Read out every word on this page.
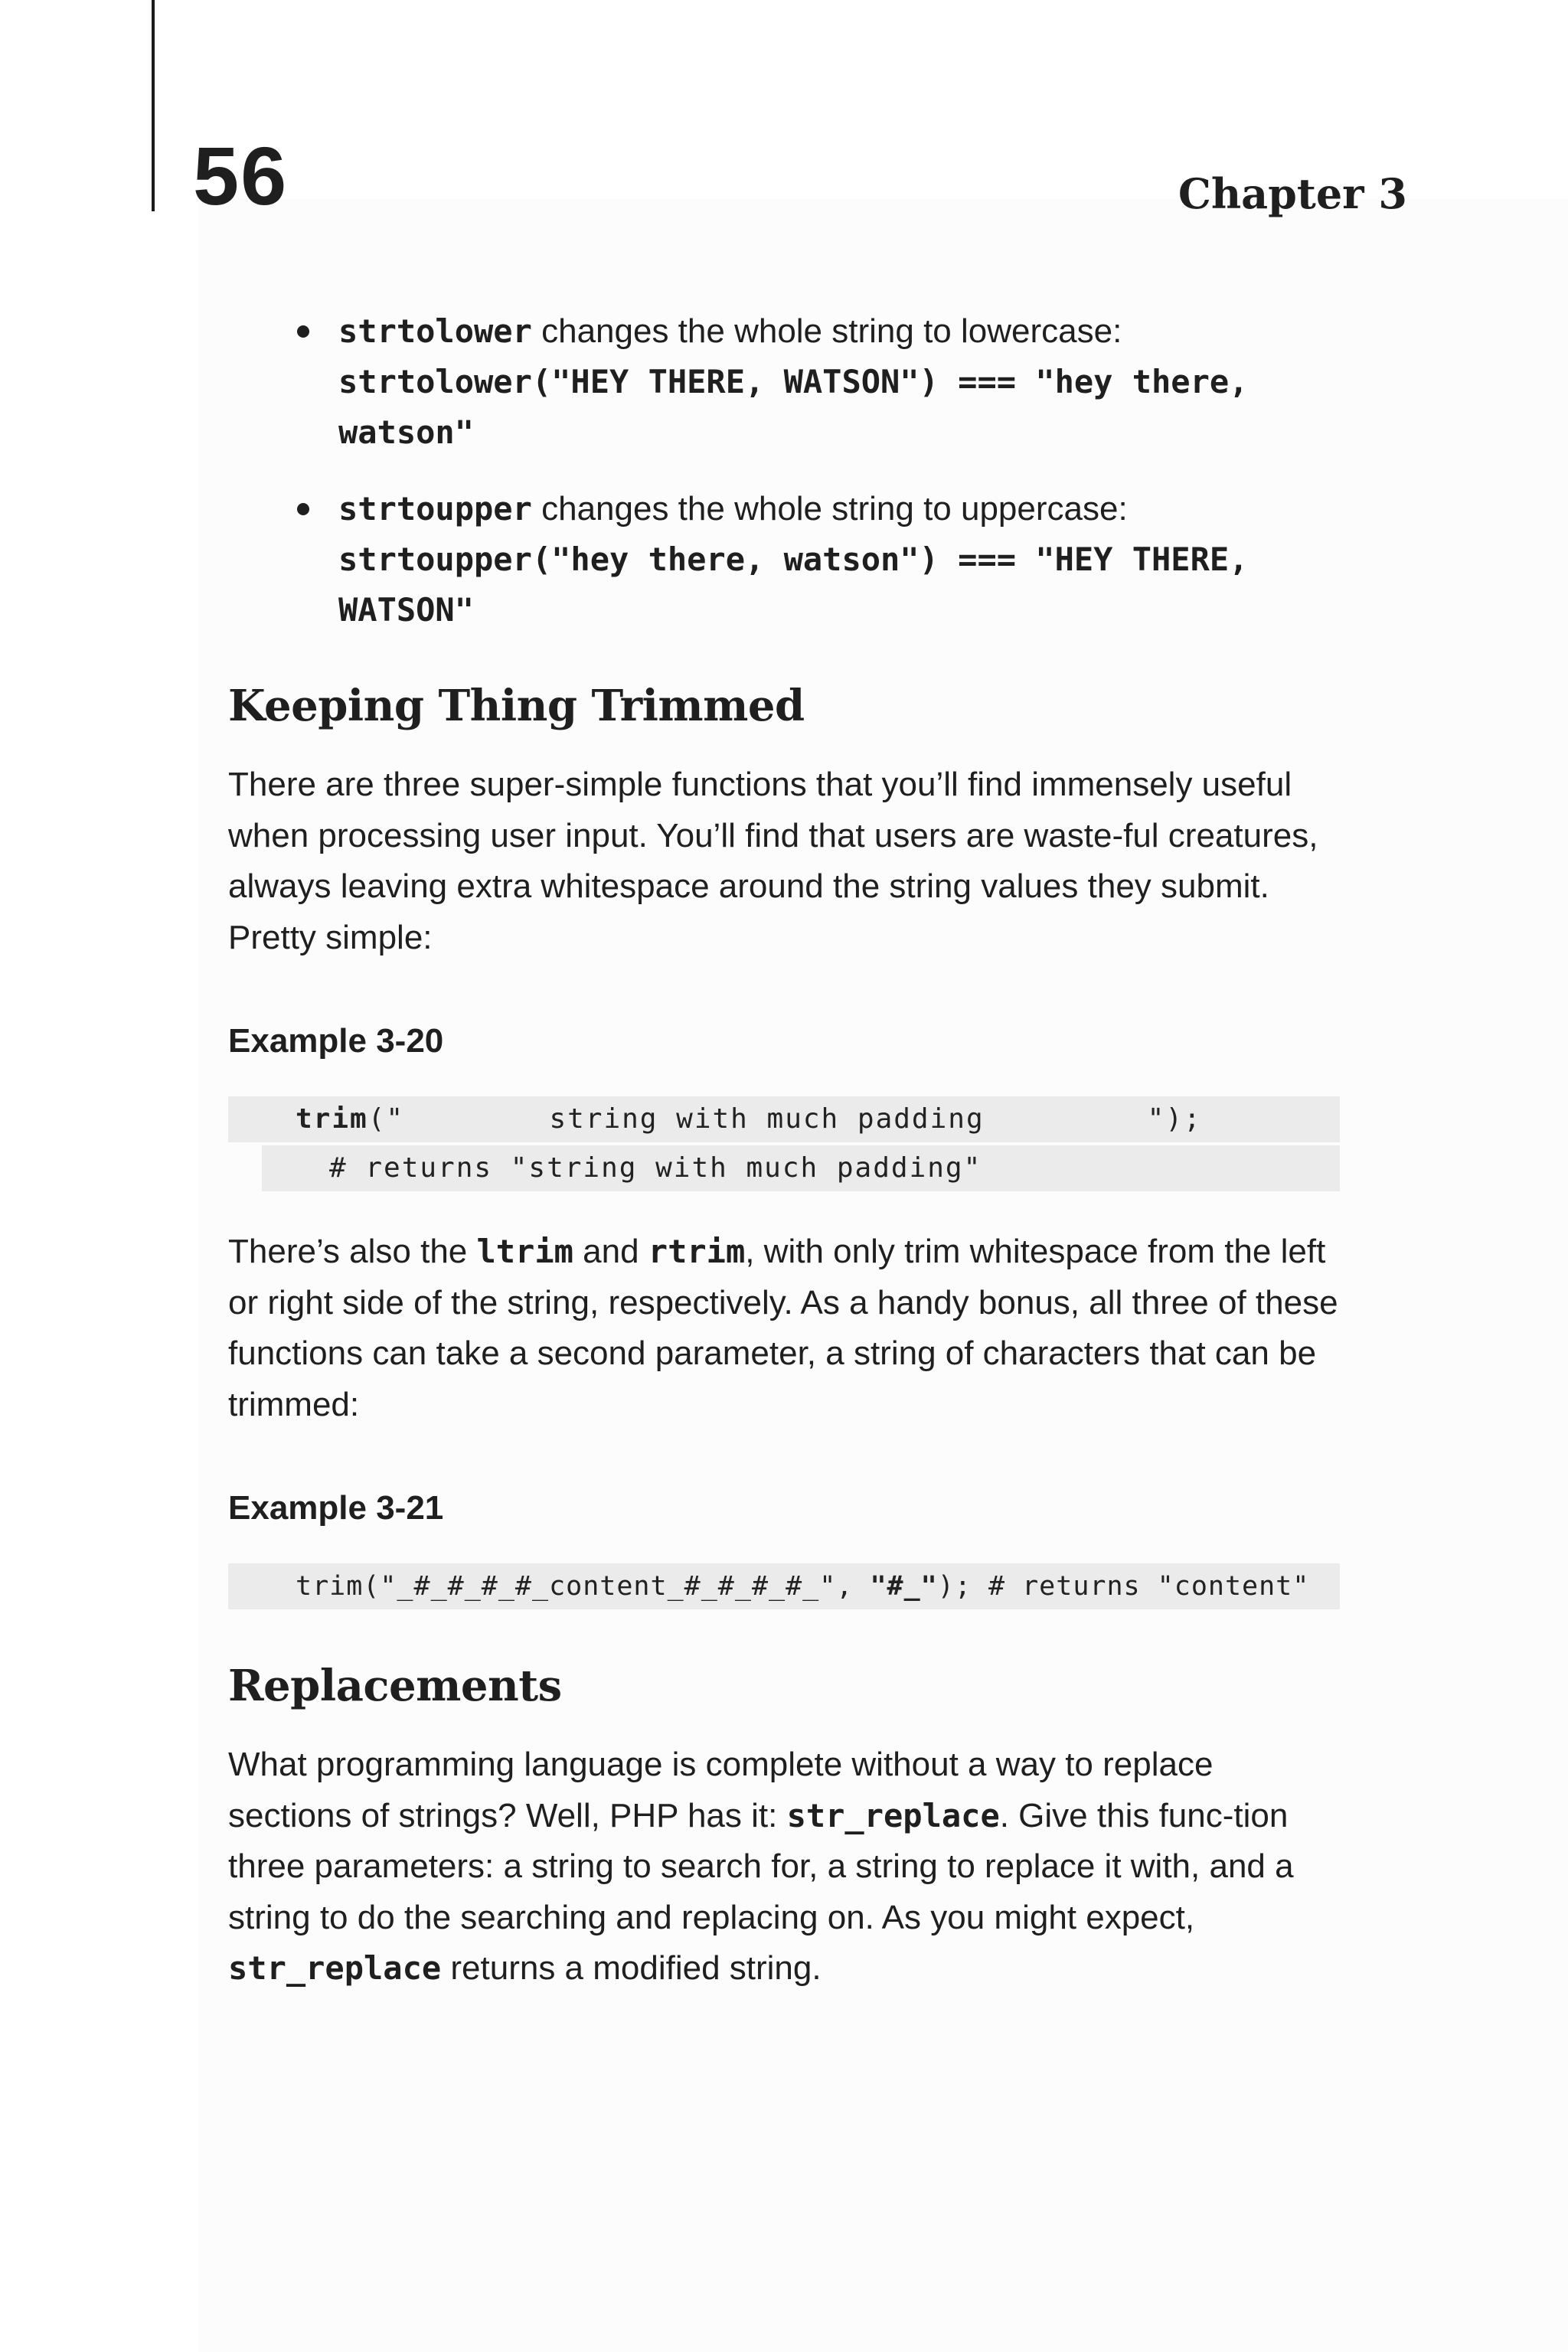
56	Chapter 3
strtolower changes the whole string to lowercase:
strtolower("HEY THERE, WATSON") === "hey there, watson"
strtoupper changes the whole string to uppercase:
strtoupper("hey there, watson") === "HEY THERE, WATSON"
Keeping Thing Trimmed

There are three super-simple functions that you’ll find immensely useful when processing user input. You’ll find that users are waste-ful creatures, always leaving extra whitespace around the string values they submit. Pretty simple:

Example 3-20
trim("        string with much padding         ");
# returns "string with much padding"

There’s also the ltrim and rtrim, with only trim whitespace from the left or right side of the string, respectively. As a handy bonus, all three of these functions can take a second parameter, a string of characters that can be trimmed:

Example 3-21
trim("_#_#_#_#_content_#_#_#_#_", "#_"); # returns "content"
Replacements

What programming language is complete without a way to replace sections of strings? Well, PHP has it: str_replace. Give this func-tion three parameters: a string to search for, a string to replace it with, and a string to do the searching and replacing on. As you might expect, str_replace returns a modified string.
